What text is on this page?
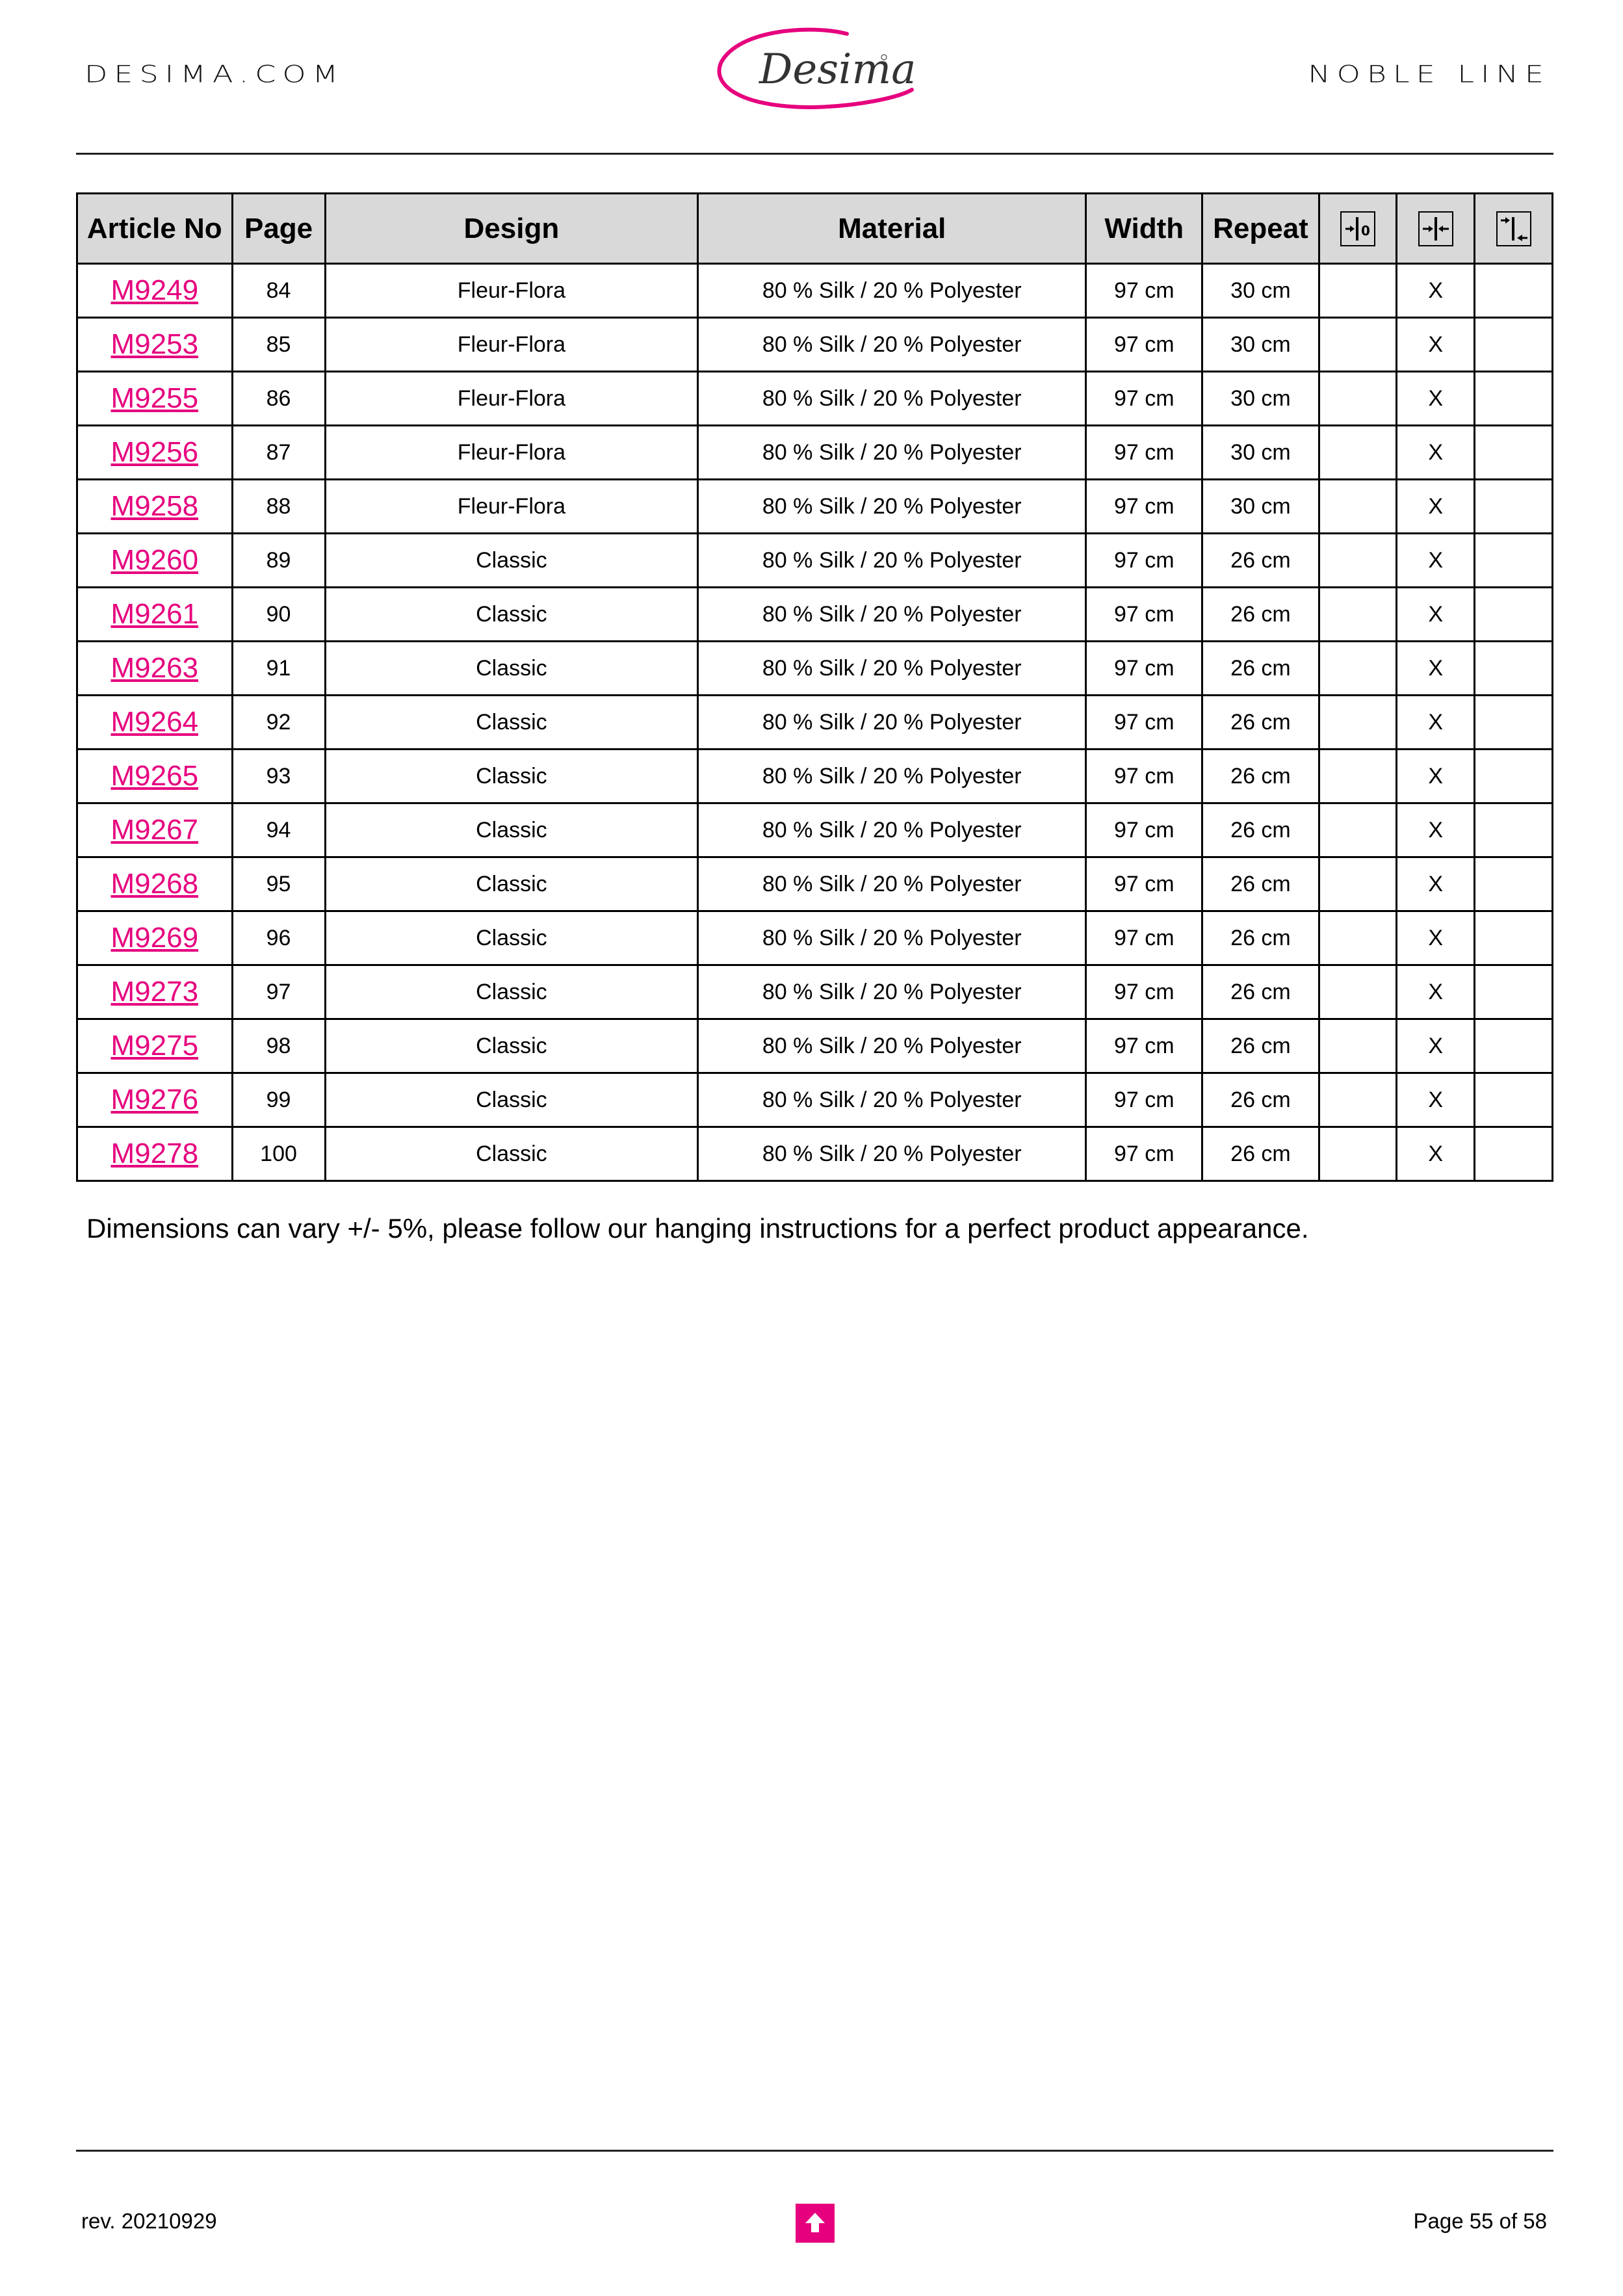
DESIMA.COM	Desima	NOBLE LINE
Article No	Page	Design	Material	Width	Repeat	0

M9249	84	Fleur-Flora	80 % Silk / 20 % Polyester	97 cm	30 cm		X	
M9253	85	Fleur-Flora	80 % Silk / 20 % Polyester	97 cm	30 cm		X	
M9255	86	Fleur-Flora	80 % Silk / 20 % Polyester	97 cm	30 cm		X	
M9256	87	Fleur-Flora	80 % Silk / 20 % Polyester	97 cm	30 cm		X	
M9258	88	Fleur-Flora	80 % Silk / 20 % Polyester	97 cm	30 cm		X	
M9260	89	Classic	80 % Silk / 20 % Polyester	97 cm	26 cm		X	
M9261	90	Classic	80 % Silk / 20 % Polyester	97 cm	26 cm		X	
M9263	91	Classic	80 % Silk / 20 % Polyester	97 cm	26 cm		X	
M9264	92	Classic	80 % Silk / 20 % Polyester	97 cm	26 cm		X	
M9265	93	Classic	80 % Silk / 20 % Polyester	97 cm	26 cm		X	
M9267	94	Classic	80 % Silk / 20 % Polyester	97 cm	26 cm		X	
M9268	95	Classic	80 % Silk / 20 % Polyester	97 cm	26 cm		X	
M9269	96	Classic	80 % Silk / 20 % Polyester	97 cm	26 cm		X	
M9273	97	Classic	80 % Silk / 20 % Polyester	97 cm	26 cm		X	
M9275	98	Classic	80 % Silk / 20 % Polyester	97 cm	26 cm		X	
M9276	99	Classic	80 % Silk / 20 % Polyester	97 cm	26 cm		X	
M9278	100	Classic	80 % Silk / 20 % Polyester	97 cm	26 cm		X	
Dimensions can vary +/- 5%, please follow our hanging instructions for a perfect product appearance.
rev. 20210929	Page 55 of 58
